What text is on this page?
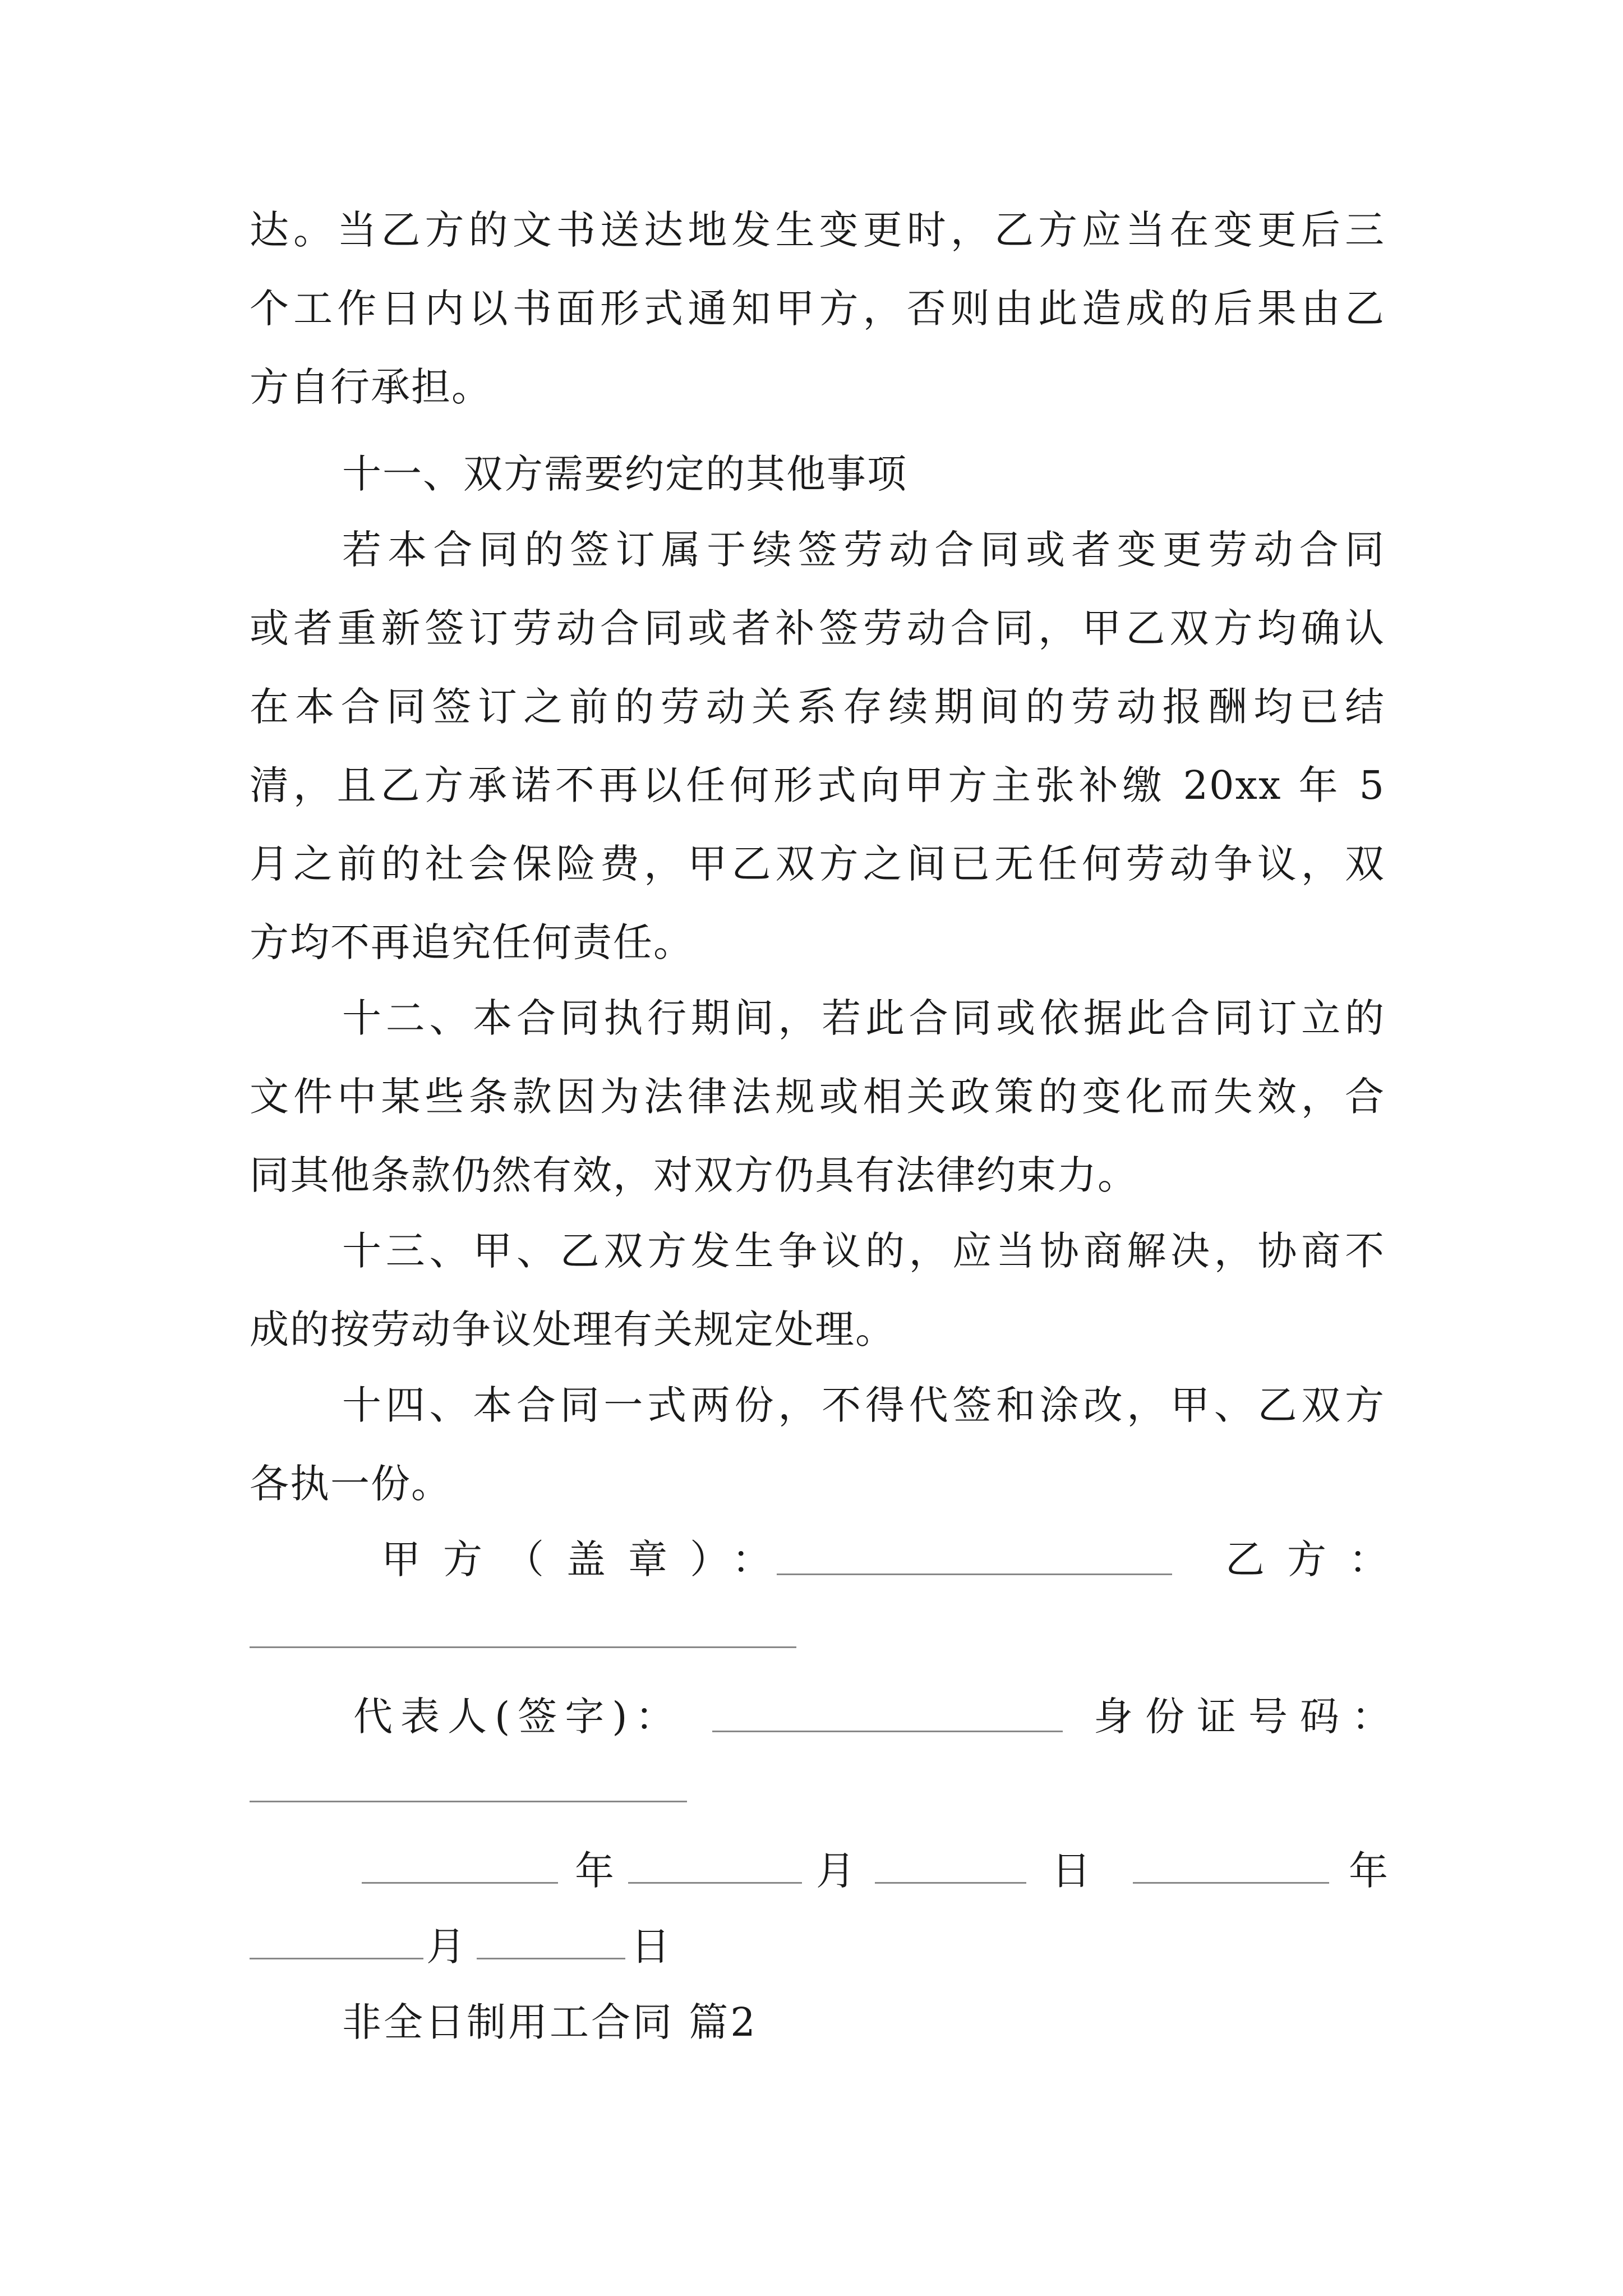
达。当乙方的文书送达地发生变更时，乙方应当在变更后三
个工作日内以书面形式通知甲方，否则由此造成的后果由乙
方自行承担。
十一、双方需要约定的其他事项
若本合同的签订属于续签劳动合同或者变更劳动合同
或者重新签订劳动合同或者补签劳动合同，甲乙双方均确认
在本合同签订之前的劳动关系存续期间的劳动报酬均已结
清，且乙方承诺不再以任何形式向甲方主张补缴 20xx 年 5
月之前的社会保险费，甲乙双方之间已无任何劳动争议，双
方均不再追究任何责任。
十二、本合同执行期间，若此合同或依据此合同订立的
文件中某些条款因为法律法规或相关政策的变化而失效，合
同其他条款仍然有效，对双方仍具有法律约束力。
十三、甲、乙双方发生争议的，应当协商解决，协商不
成的按劳动争议处理有关规定处理。
十四、本合同一式两份，不得代签和涂改，甲、乙双方
各执一份。
甲方（盖章）：	乙方：
代表人(签字)：	身份证号码：
年	月	日	年
月	日
非全日制用工合同 篇2
